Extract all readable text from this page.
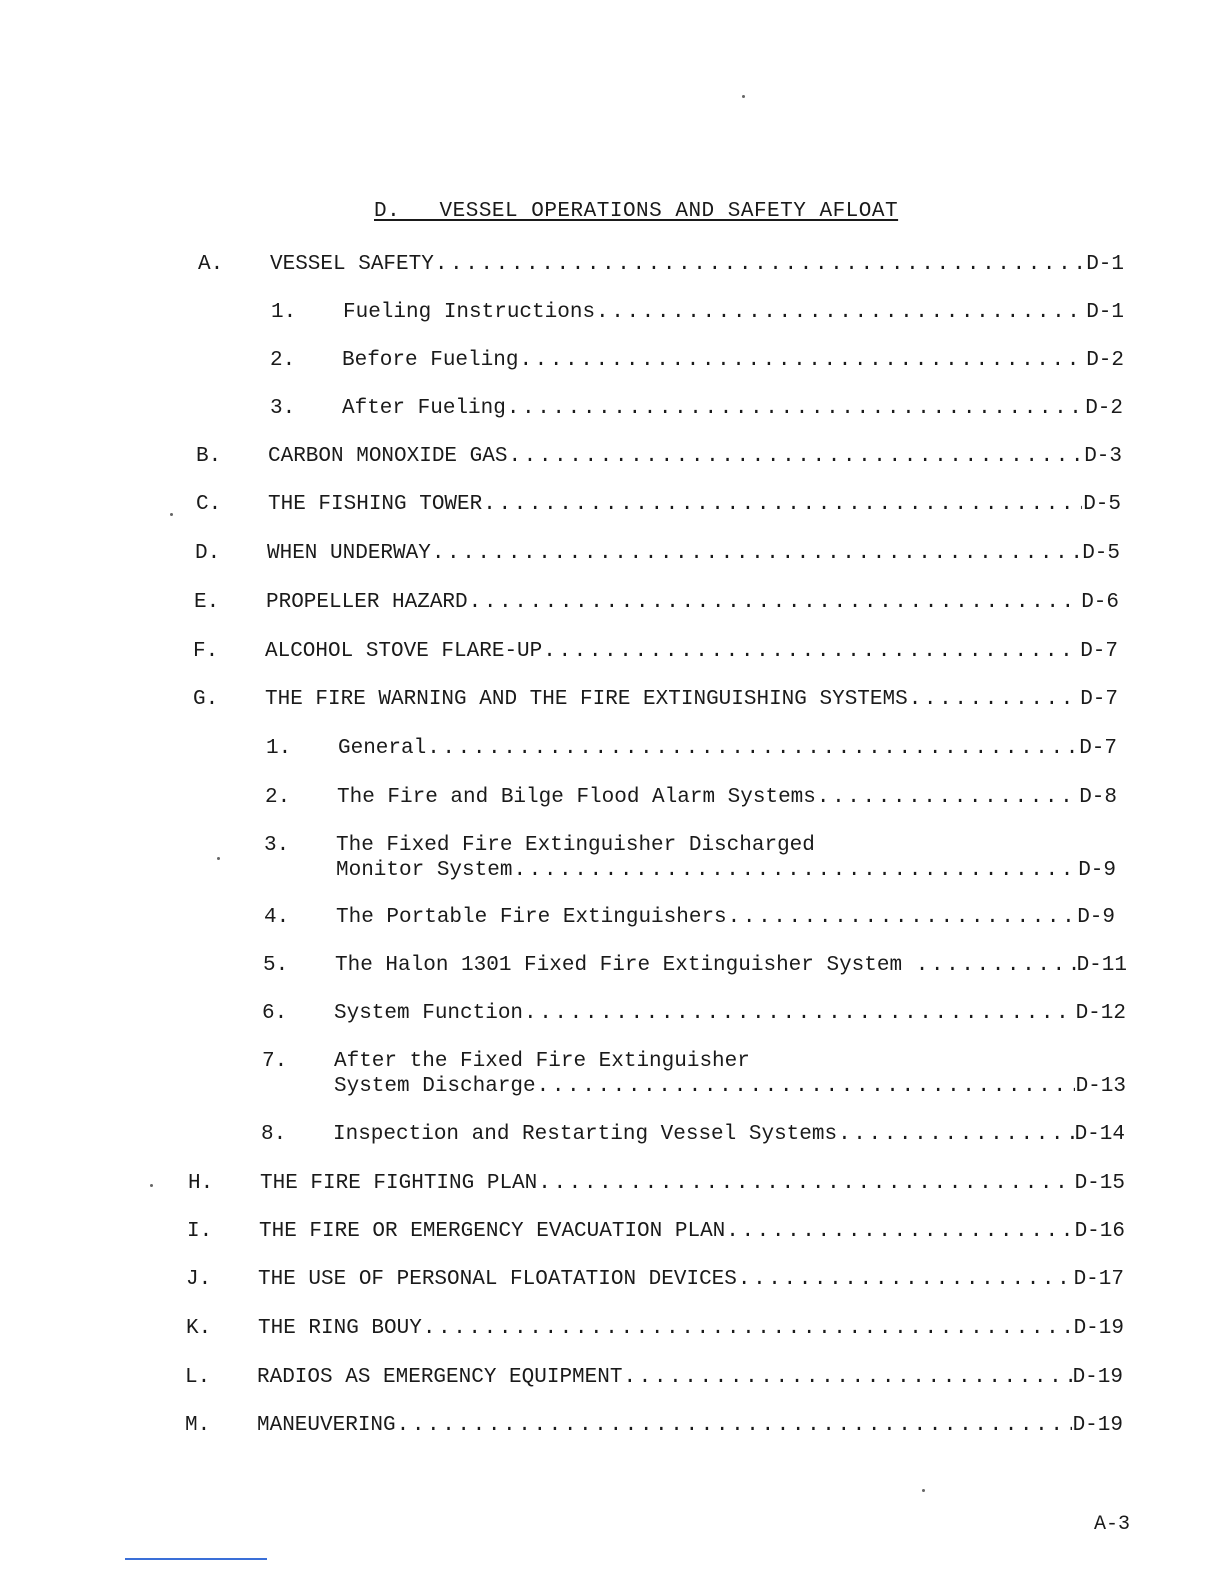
D.   VESSEL OPERATIONS AND SAFETY AFLOAT
A. VESSEL SAFETY .....	D-1
1. Fueling Instructions .....	D-1
2. Before Fueling .....	D-2
3. After Fueling .....	D-2
B. CARBON MONOXIDE GAS .....	D-3
C. THE FISHING TOWER .....	D-5
D. WHEN UNDERWAY .....	D-5
E. PROPELLER HAZARD .....	D-6
F. ALCOHOL STOVE FLARE-UP .....	D-7
G. THE FIRE WARNING AND THE FIRE EXTINGUISHING SYSTEMS .....	D-7
1. General .....	D-7
2. The Fire and Bilge Flood Alarm Systems .....	D-8
3. The Fixed Fire Extinguisher Discharged
Monitor System .....	D-9
4. The Portable Fire Extinguishers .....	D-9
5. The Halon 1301 Fixed Fire Extinguisher System .....	D-11
6. System Function .....	D-12
7. After the Fixed Fire Extinguisher
System Discharge .....	D-13
8. Inspection and Restarting Vessel Systems .....	D-14
H. THE FIRE FIGHTING PLAN .....	D-15
I. THE FIRE OR EMERGENCY EVACUATION PLAN .....	D-16
J. THE USE OF PERSONAL FLOATATION DEVICES .....	D-17
K. THE RING BOUY .....	D-19
L. RADIOS AS EMERGENCY EQUIPMENT .....	D-19
M. MANEUVERING .....	D-19
A-3
